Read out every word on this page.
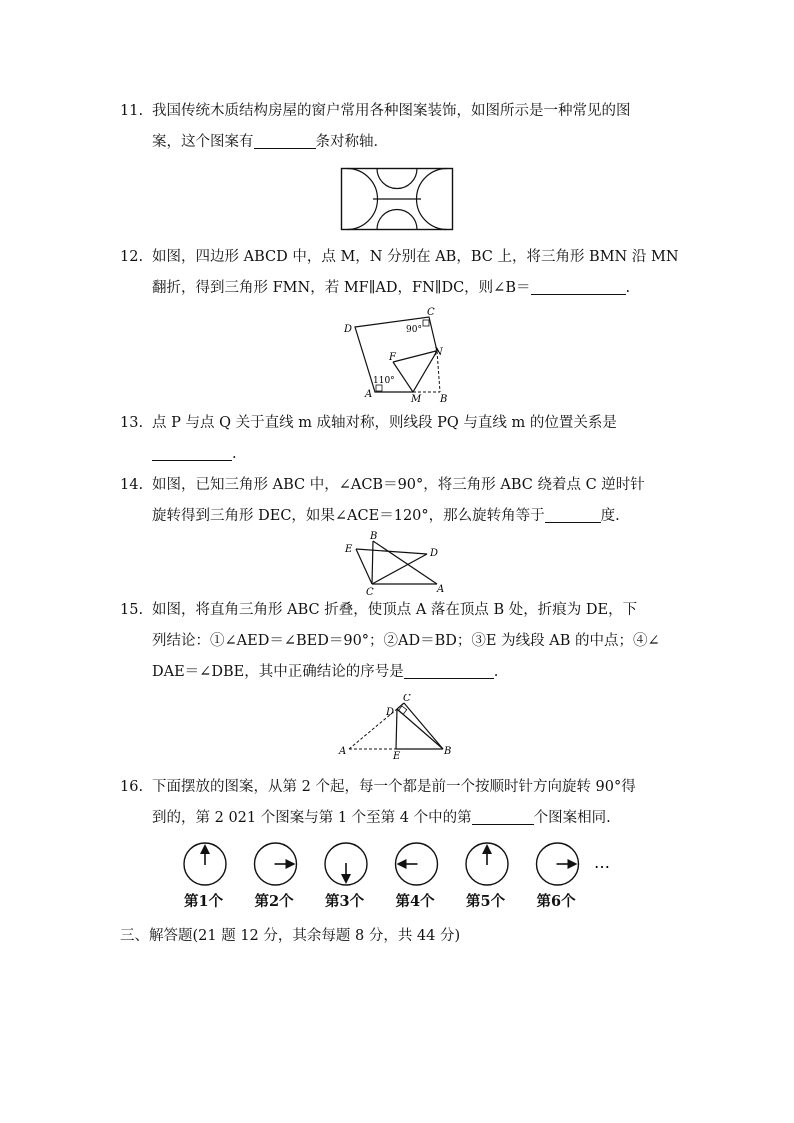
11. 我国传统木质结构房屋的窗户常用各种图案装饰，如图所示是一种常见的图
案，这个图案有	条对称轴．
12. 如图，四边形 ABCD 中，点 M，N 分别在 AB，BC 上，将三角形 BMN 沿 MN
翻折，得到三角形 FMN，若 MF∥AD，FN∥DC，则∠B＝	.
D
C
90°
F	N
110°
A	M B
13. 点 P 与点 Q 关于直线 m 成轴对称，则线段 PQ 与直线 m 的位置关系是
.
14. 如图，已知三角形 ABC 中，∠ACB＝90°，将三角形 ABC 绕着点 C 逆时针
旋转得到三角形 DEC，如果∠ACE＝120°，那么旋转角等于	度.
E
B
D
C	A
15. 如图，将直角三角形 ABC 折叠，使顶点 A 落在顶点 B 处，折痕为 DE，下
列结论：①∠AED＝∠BED＝90°；②AD＝BD；③E 为线段 AB 的中点；④∠
DAE＝∠DBE，其中正确结论的序号是	.
C
D
A	E	B
16. 下面摆放的图案，从第 2 个起，每一个都是前一个按顺时针方向旋转 90°得
到的，第 2 021 个图案与第 1 个至第 4 个中的第	个图案相同.
…
第1个 第2个 第3个 第4个 第5个 第6个
三、解答题(21 题 12 分，其余每题 8 分，共 44 分)
